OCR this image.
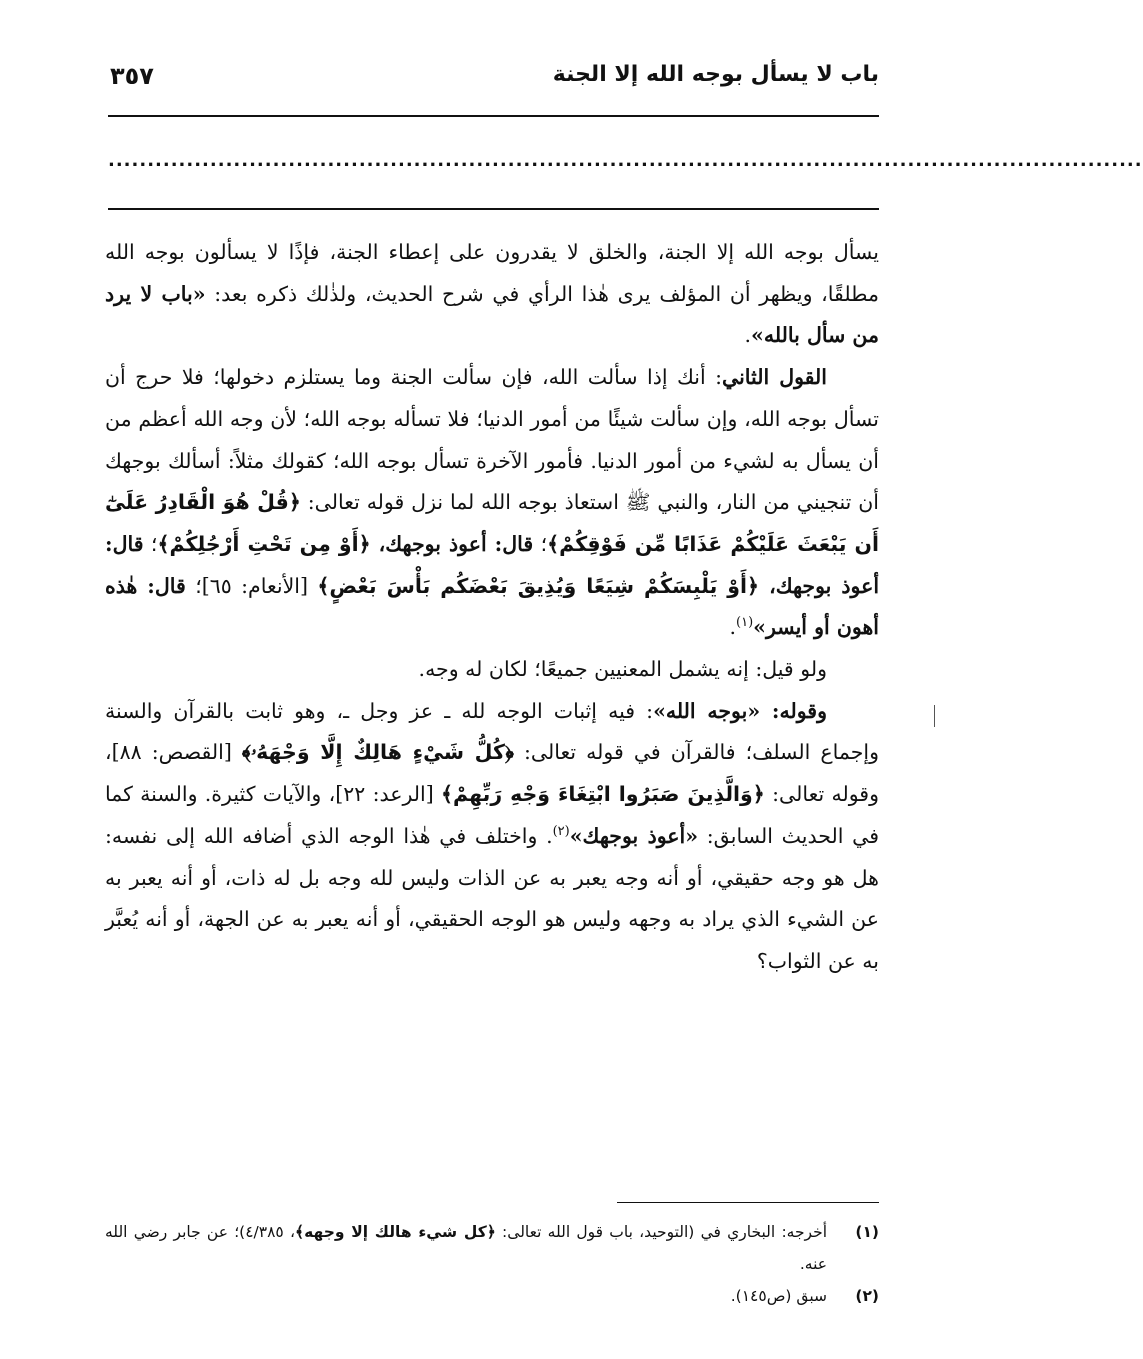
باب لا يسأل بوجه الله إلا الجنة
٣٥٧
....................................................................................................................................

يسأل بوجه الله إلا الجنة، والخلق لا يقدرون على إعطاء الجنة، فإذًا لا يسألون بوجه الله مطلقًا، ويظهر أن المؤلف يرى هٰذا الرأي في شرح الحديث، ولذٰلك ذكره بعد: «باب لا يرد من سأل بالله».

القول الثاني: أنك إذا سألت الله، فإن سألت الجنة وما يستلزم دخولها؛ فلا حرج أن تسأل بوجه الله، وإن سألت شيئًا من أمور الدنيا؛ فلا تسأله بوجه الله؛ لأن وجه الله أعظم من أن يسأل به لشيء من أمور الدنيا. فأمور الآخرة تسأل بوجه الله؛ كقولك مثلاً: أسألك بوجهك أن تنجيني من النار، والنبي ﷺ استعاذ بوجه الله لما نزل قوله تعالى: ﴿قُلْ هُوَ الْقَادِرُ عَلَىٰٓ أَن يَبْعَثَ عَلَيْكُمْ عَذَابًا مِّن فَوْقِكُمْ﴾؛ قال: أعوذ بوجهك، ﴿أَوْ مِن تَحْتِ أَرْجُلِكُمْ﴾؛ قال: أعوذ بوجهك، ﴿أَوْ يَلْبِسَكُمْ شِيَعًا وَيُذِيقَ بَعْضَكُم بَأْسَ بَعْضٍ﴾ [الأنعام: ٦٥]؛ قال: هٰذه أهون أو أيسر»$^{(١)}$.

ولو قيل: إنه يشمل المعنيين جميعًا؛ لكان له وجه.

وقوله: «بوجه الله»: فيه إثبات الوجه لله ـ عز وجل ـ، وهو ثابت بالقرآن والسنة وإجماع السلف؛ فالقرآن في قوله تعالى: ﴿كُلُّ شَيْءٍ هَالِكٌ إِلَّا وَجْهَهُۥ﴾ [القصص: ٨٨]، وقوله تعالى: ﴿وَالَّذِينَ صَبَرُوا ابْتِغَاءَ وَجْهِ رَبِّهِمْ﴾ [الرعد: ٢٢]، والآيات كثيرة. والسنة كما في الحديث السابق: «أعوذ بوجهك»$^{(٢)}$. واختلف في هٰذا الوجه الذي أضافه الله إلى نفسه: هل هو وجه حقيقي، أو أنه وجه يعبر به عن الذات وليس لله وجه بل له ذات، أو أنه يعبر به عن الشيء الذي يراد به وجهه وليس هو الوجه الحقيقي، أو أنه يعبر به عن الجهة، أو أنه يُعبَّر به عن الثواب؟

(١)
أخرجه: البخاري في (التوحيد، باب قول الله تعالى: ﴿كل شيء هالك إلا وجهه﴾، ٤/٣٨٥)؛ عن جابر رضي الله عنه.
(٢)
سبق (ص١٤٥).
